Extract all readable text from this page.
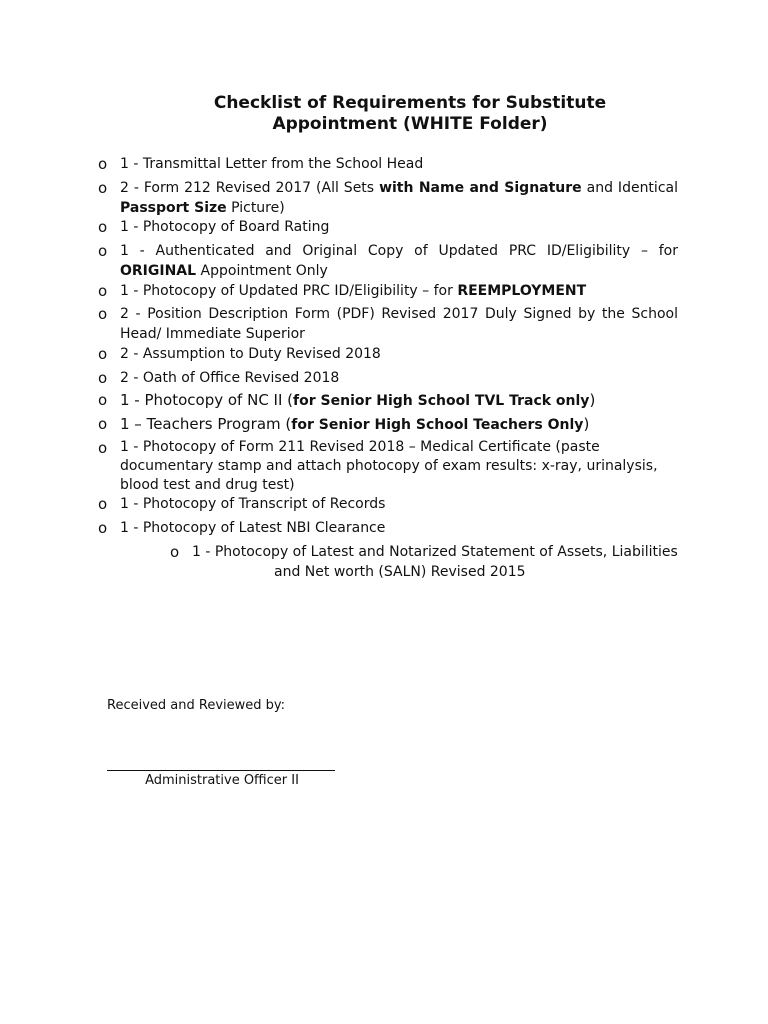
Checklist of Requirements for Substitute
Appointment (WHITE Folder)
o 1 - Transmittal Letter from the School Head
o 2 - Form 212 Revised 2017 (All Sets with Name and Signature and Identical Passport Size Picture)
o 1 - Photocopy of Board Rating
o 1 - Authenticated and Original Copy of Updated PRC ID/Eligibility – for ORIGINAL Appointment Only
o 1 - Photocopy of Updated PRC ID/Eligibility – for REEMPLOYMENT
o 2 - Position Description Form (PDF) Revised 2017 Duly Signed by the School Head/ Immediate Superior
o 2 - Assumption to Duty Revised 2018
o 2 - Oath of Office Revised 2018
o 1 - Photocopy of NC II (for Senior High School TVL Track only)
o 1 – Teachers Program (for Senior High School Teachers Only)
o 1 - Photocopy of Form 211 Revised 2018 – Medical Certificate (paste documentary stamp and attach photocopy of exam results: x-ray, urinalysis, blood test and drug test)
o 1 - Photocopy of Transcript of Records
o 1 - Photocopy of Latest NBI Clearance
o 1 - Photocopy of Latest and Notarized Statement of Assets, Liabilities
and Net worth (SALN) Revised 2015
Received and Reviewed by:
Administrative Officer II
